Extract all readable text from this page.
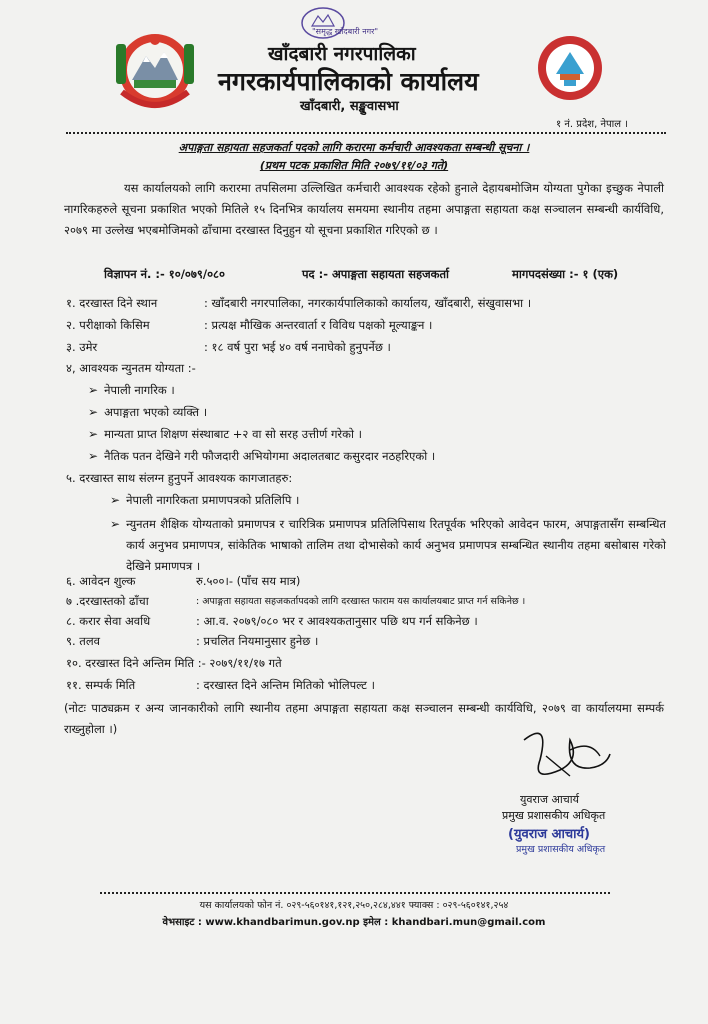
"समृद्ध खाँदबारी नगर"
खाँदबारी नगरपालिका
नगरकार्यपालिकाको कार्यालय
खाँदबारी, सङ्खुवासभा
१ नं. प्रदेश, नेपाल ।
अपाङ्गता सहायता सहजकर्ता पदको लागि करारमा कर्मचारी आवश्यकता सम्बन्धी सूचना ।
(प्रथम पटक प्रकाशित मिति २०७९/११/०३ गते)
यस कार्यालयको लागि करारमा तपसिलमा उल्लिखित कर्मचारी आवश्यक रहेको हुनाले देहायबमोजिम योग्यता पुगेका इच्छुक नेपाली नागरिकहरुले सूचना प्रकाशित भएको मितिले १५ दिनभित्र कार्यालय समयमा स्थानीय तहमा अपाङ्गता सहायता कक्ष सञ्चालन सम्बन्धी कार्यविधि, २०७९ मा उल्लेख भएबमोजिमको ढाँचामा दरखास्त दिनुहुन यो सूचना प्रकाशित गरिएको छ ।
विज्ञापन नं. :- १०/०७९/०८०	पद :- अपाङ्गता सहायता सहजकर्ता	मागपदसंख्या :- १ (एक)
१. दरखास्त दिने स्थान	: खाँदबारी नगरपालिका, नगरकार्यपालिकाको कार्यालय, खाँदबारी, संखुवासभा ।
२. परीक्षाको किसिम	: प्रत्यक्ष मौखिक अन्तरवार्ता र विविध पक्षको मूल्याङ्कन ।
३. उमेर	: १८ वर्ष पुरा भई ४० वर्ष ननाघेको हुनुपर्नेछ ।
४, आवश्यक न्युनतम योग्यता :-
➢ नेपाली नागरिक ।
➢ अपाङ्गता भएको व्यक्ति ।
➢ मान्यता प्राप्त शिक्षण संस्थाबाट +२ वा सो सरह उत्तीर्ण गरेको ।
➢ नैतिक पतन देखिने गरी फौजदारी अभियोगमा अदालतबाट कसुरदार नठहरिएको ।
५. दरखास्त साथ संलग्न हुनुपर्ने आवश्यक कागजातहरु:
➢ नेपाली नागरिकता प्रमाणपत्रको प्रतिलिपि ।
➢ न्युनतम शैक्षिक योग्यताको प्रमाणपत्र र चारित्रिक प्रमाणपत्र प्रतिलिपिसाथ रितपूर्वक भरिएको आवेदन फारम, अपाङ्गतासँग सम्बन्धित कार्य अनुभव प्रमाणपत्र, सांकेतिक भाषाको तालिम तथा दोभासेको कार्य अनुभव प्रमाणपत्र सम्बन्धित स्थानीय तहमा बसोबास गरेको देखिने प्रमाणपत्र ।
६. आवेदन शुल्क	रु.५००।- (पाँच सय मात्र)
७ .दरखास्तको ढाँचा	: अपाङ्गता सहायता सहजकर्तापदको लागि दरखास्त फाराम यस कार्यालयबाट प्राप्त गर्न सकिनेछ ।
८. करार सेवा अवधि	: आ.व. २०७९/०८० भर र आवश्यकतानुसार पछि थप गर्न सकिनेछ ।
९. तलव	: प्रचलित नियमानुसार हुनेछ ।
१०. दरखास्त दिने अन्तिम मिति :- २०७९/११/१७ गते
११. सम्पर्क मिति	: दरखास्त दिने अन्तिम मितिको भोलिपल्ट ।
(नोटः पाठ्यक्रम र अन्य जानकारीको लागि स्थानीय तहमा अपाङ्गता सहायता कक्ष सञ्चालन सम्बन्धी कार्यविधि, २०७९ वा कार्यालयमा सम्पर्क राख्नुहोला ।)
युवराज आचार्य
प्रमुख प्रशासकीय अधिकृत
(युवराज आचार्य)
प्रमुख प्रशासकीय अधिकृत
यस कार्यालयको फोन नं. ०२९-५६०१४१,१२१,२५०,२८४,४४१ फ्याक्स : ०२९-५६०१४१,२५४
वेभसाइट : www.khandbarimun.gov.np इमेल : khandbari.mun@gmail.com
